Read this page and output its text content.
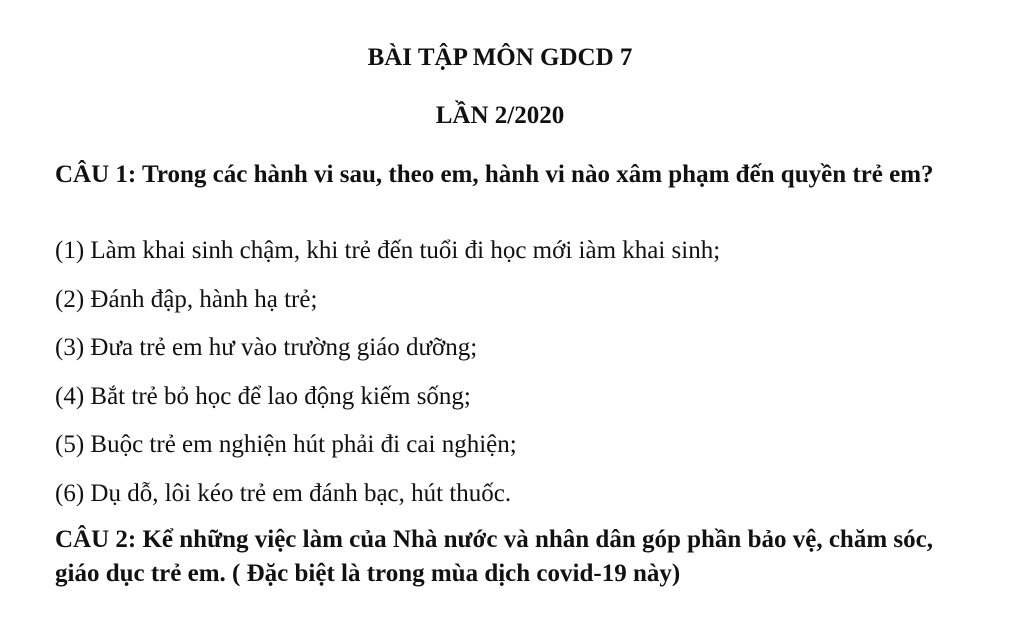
BÀI TẬP MÔN GDCD 7
LẦN 2/2020

CÂU 1: Trong các hành vi sau, theo em, hành vi nào xâm phạm đến quyền trẻ em?

(1) Làm khai sinh chậm, khi trẻ đến tuổi đi học mới iàm khai sinh;
(2) Đánh đập, hành hạ trẻ;
(3) Đưa trẻ em hư vào trường giáo dưỡng;
(4) Bắt trẻ bỏ học để lao động kiếm sống;
(5) Buộc trẻ em nghiện hút phải đi cai nghiện;
(6) Dụ dỗ, lôi kéo trẻ em đánh bạc, hút thuốc.

CÂU 2: Kể những việc làm của Nhà nước và nhân dân góp phần bảo vệ, chăm sóc, giáo dục trẻ em. ( Đặc biệt là trong mùa dịch covid-19 này)
